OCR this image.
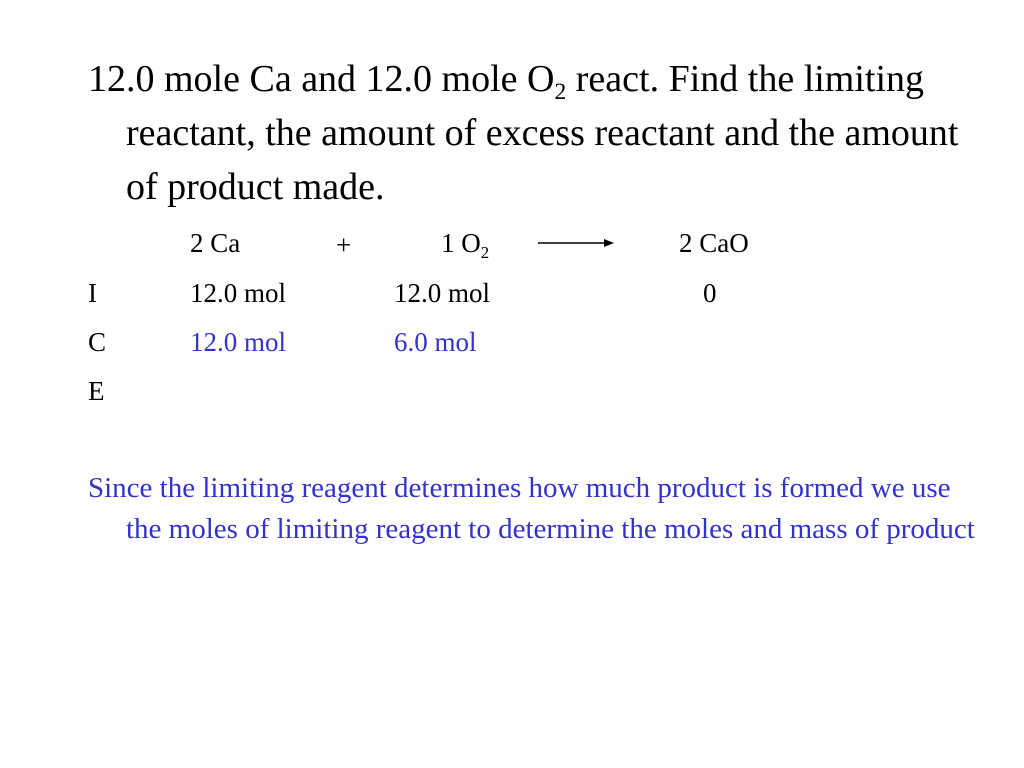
12.0 mole Ca and 12.0 mole $O_2$ react. Find the limiting reactant, the amount of excess reactant and the amount of product made.

2 Ca	+	1 $O_2$	2 CaO
I	12.0 mol	12.0 mol	0
C	12.0 mol	6.0 mol
E

Since the limiting reagent determines how much product is formed we use the moles of limiting reagent to determine the moles and mass of product
